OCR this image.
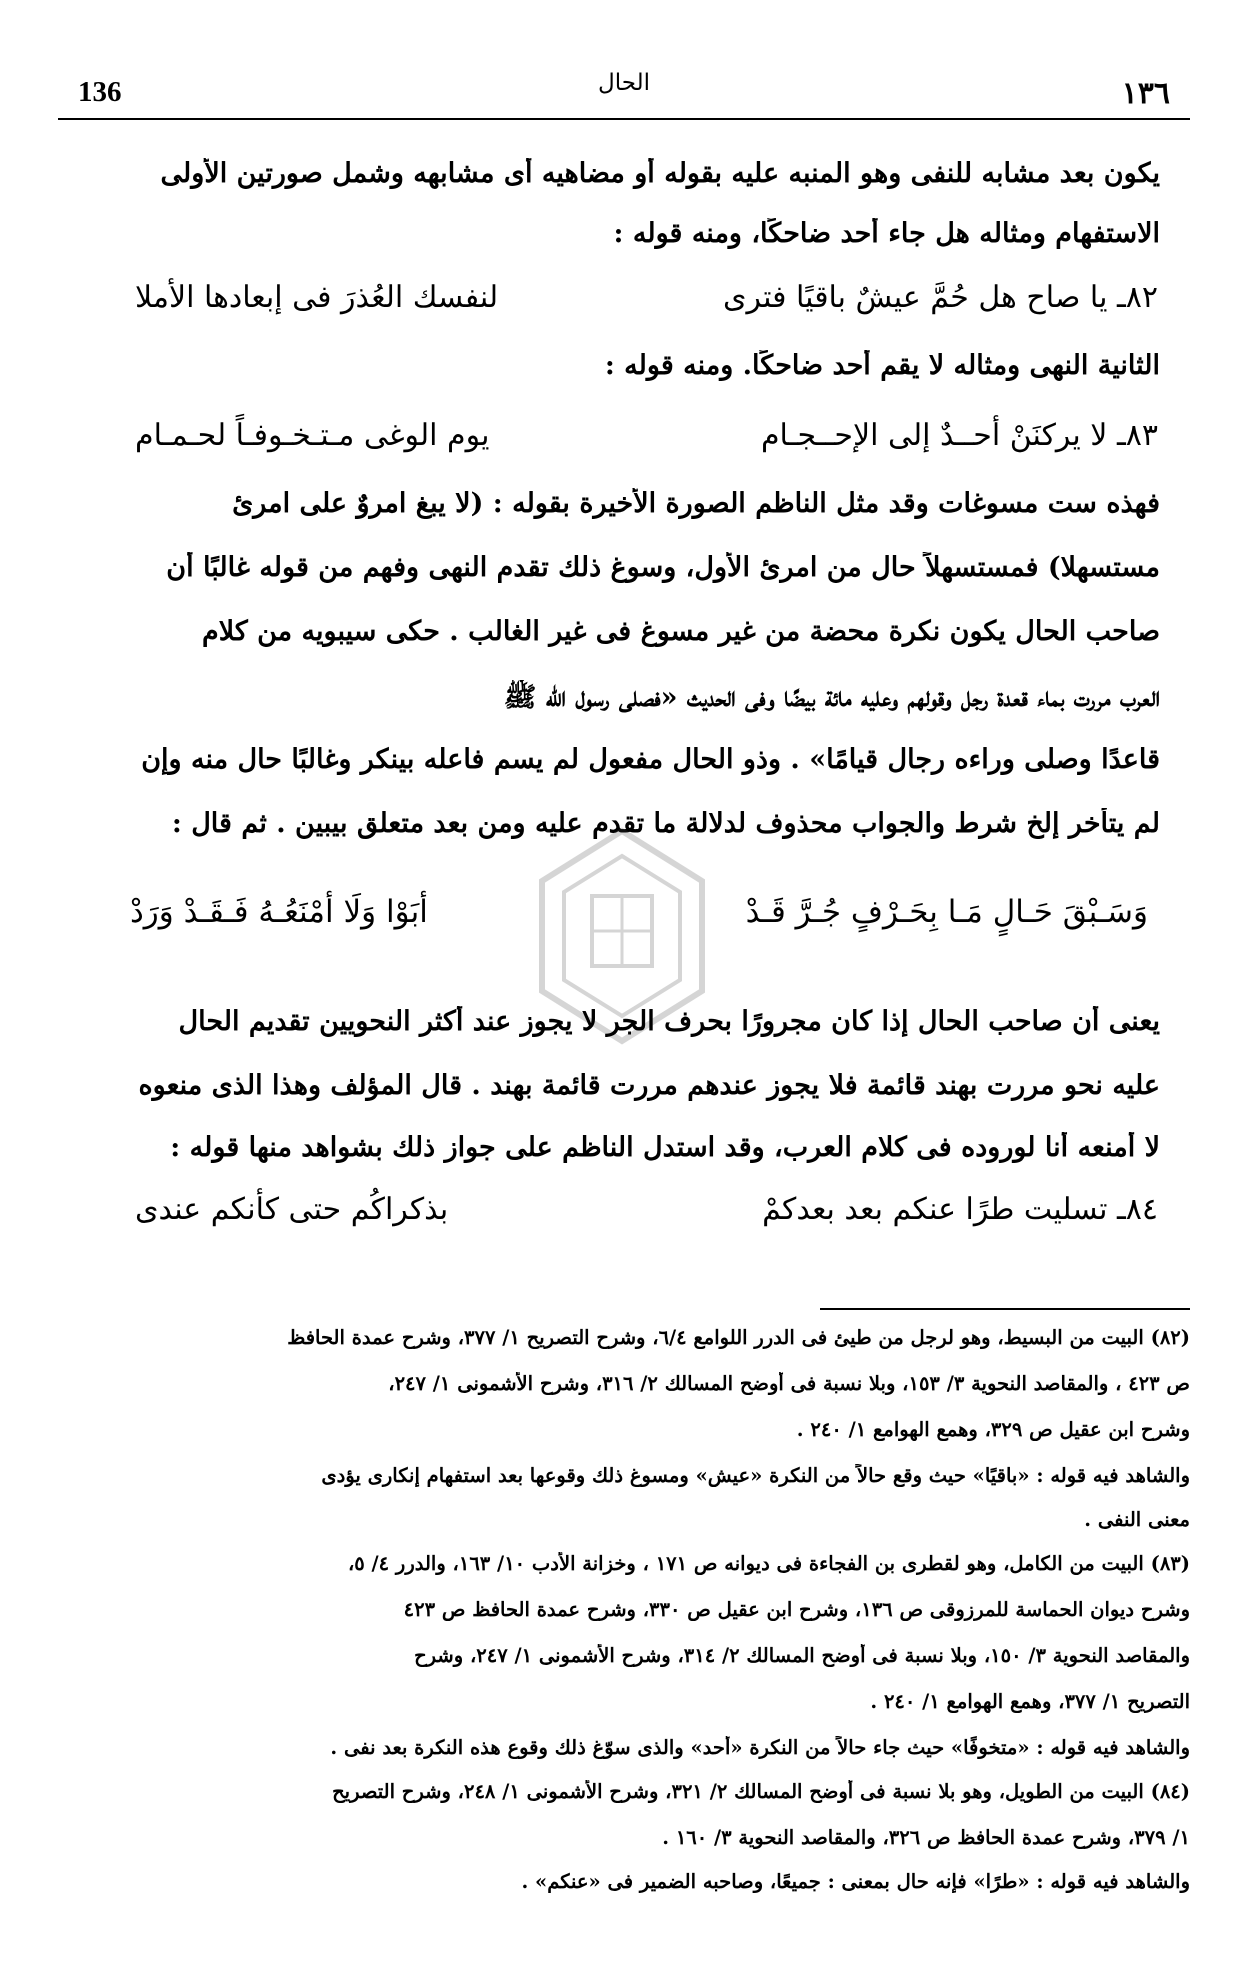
136	الحال	١٣٦
يكون بعد مشابه للنفى وهو المنبه عليه بقوله أو مضاهيه أى مشابهه وشمل صورتين الأولى
الاستفهام ومثاله هل جاء أحد ضاحكًا، ومنه قوله :
٨٢ـ يا صاح هل حُمَّ عيشٌ باقيًا فترى
لنفسك العُذرَ فى إبعادها الأملا
الثانية النهى ومثاله لا يقم أحد ضاحكًا. ومنه قوله :
٨٣ـ لا يركنَنْ أحــدٌ إلى الإحــجـام
يوم الوغى مـتـخـوفـاً لحـمـام
فهذه ست مسوغات وقد مثل الناظم الصورة الأخيرة بقوله : (لا يبغ امروٌ على امرئ
مستسهلا) فمستسهلاً حال من امرئ الأول، وسوغ ذلك تقدم النهى وفهم من قوله غالبًا أن
صاحب الحال يكون نكرة محضة من غير مسوغ فى غير الغالب . حكى سيبويه من كلام
العرب مررت بماء قعدة رجل وقولهم وعليه مائة بيضًا وفى الحديث «فصلى رسول الله ﷺ
قاعدًا وصلى وراءه رجال قيامًا» . وذو الحال مفعول لم يسم فاعله بينكر وغالبًا حال منه وإن
لم يتأخر إلخ شرط والجواب محذوف لدلالة ما تقدم عليه ومن بعد متعلق بيبين . ثم قال :
وَسَـبْقَ حَـالٍ مَـا بِحَـرْفٍ جُـرَّ قَـدْ
أبَوْا وَلَا أمْنَعُـهُ فَـقَـدْ وَرَدْ
يعنى أن صاحب الحال إذا كان مجرورًا بحرف الجر لا يجوز عند أكثر النحويين تقديم الحال
عليه نحو مررت بهند قائمة فلا يجوز عندهم مررت قائمة بهند . قال المؤلف وهذا الذى منعوه
لا أمنعه أنا لوروده فى كلام العرب، وقد استدل الناظم على جواز ذلك بشواهد منها قوله :
٨٤ـ تسليت طرًا عنكم بعد بعدكمْ
بذكراكُم حتى كأنكم عندى
(٨٢) البيت من البسيط، وهو لرجل من طيئ فى الدرر اللوامع ٦/٤، وشرح التصريح ١/ ٣٧٧، وشرح عمدة الحافظ
ص ٤٢٣ ، والمقاصد النحوية ٣/ ١٥٣، وبلا نسبة فى أوضح المسالك ٢/ ٣١٦، وشرح الأشمونى ١/ ٢٤٧،
وشرح ابن عقيل ص ٣٢٩، وهمع الهوامع ١/ ٢٤٠ .
والشاهد فيه قوله : «باقيًا» حيث وقع حالاً من النكرة «عيش» ومسوغ ذلك وقوعها بعد استفهام إنكارى يؤدى
معنى النفى .
(٨٣) البيت من الكامل، وهو لقطرى بن الفجاءة فى ديوانه ص ١٧١ ، وخزانة الأدب ١٠/ ١٦٣، والدرر ٤/ ٥،
وشرح ديوان الحماسة للمرزوقى ص ١٣٦، وشرح ابن عقيل ص ٣٣٠، وشرح عمدة الحافظ ص ٤٢٣
والمقاصد النحوية ٣/ ١٥٠، وبلا نسبة فى أوضح المسالك ٢/ ٣١٤، وشرح الأشمونى ١/ ٢٤٧، وشرح
التصريح ١/ ٣٧٧، وهمع الهوامع ١/ ٢٤٠ .
والشاهد فيه قوله : «متخوفًا» حيث جاء حالاً من النكرة «أحد» والذى سوّغ ذلك وقوع هذه النكرة بعد نفى .
(٨٤) البيت من الطويل، وهو بلا نسبة فى أوضح المسالك ٢/ ٣٢١، وشرح الأشمونى ١/ ٢٤٨، وشرح التصريح
١/ ٣٧٩، وشرح عمدة الحافظ ص ٣٢٦، والمقاصد النحوية ٣/ ١٦٠ .
والشاهد فيه قوله : «طرًا» فإنه حال بمعنى : جميعًا، وصاحبه الضمير فى «عنكم» .
